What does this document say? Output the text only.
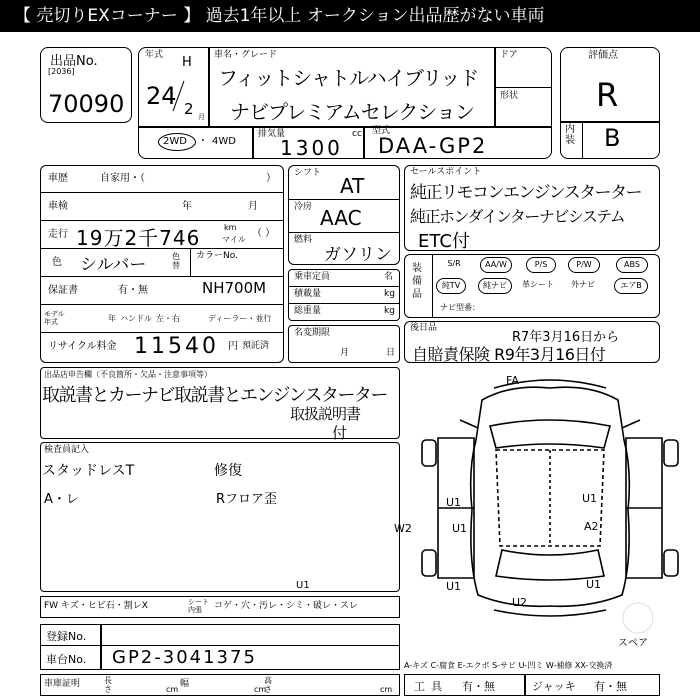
【 売切りEXコーナー 】 過去1年以上 オークション出品歴がない車両
出品No.
[2036]
70090
年式 H
24 2 月
車名・グレード
フィットシャトルハイブリッド
ナビプレミアムセレクション
ドア
形状
2WD ・ 4WD
排気量	cc
1300
型式
DAA-GP2
評価点
R
内装 B
車歴	自家用・（	）
車検	年	月
走行 19万2千746	km
マイル
（ ）
色 シルバー	色替
カラーNo.
保証書	有・無	NH700M
モデル年式	年 ハンドル 左・右	ディーラー・並行
リサイクル料金 11540 円 預託済
シフト
AT
冷房 AAC
燃料
ガソリン
乗車定員	名
積載量	kg
総重量	kg
名変期限
月	日
セールスポイント
純正リモコンエンジンスターター
純正ホンダインターナビシステム
ETC付
装備品
S/R	AA/W	P/S	P/W	ABS
純TV	純ナビ	革シート	外ナビ	エアB
ナビ型番：
後日品
R7年3月16日から
自賠責保険 R9年3月16日付
出品店申告欄（不良箇所・欠品・注意事項等）
取説書とカーナビ取説書とエンジンスターター
取扱説明書
付
検査員記入
スタッドレスT
A・レ
修復
Rフロア歪
FA
U1	U1
W2	U1	A2
U1	U1
U2
スペア
FW キズ・ヒビ石・割レX	シート内張	コゲ・穴・汚レ・シミ・破レ・スレ
U1
登録No.
車台No. GP2-3041375	A-キズ C-腐食 E-エクボ S-サビ U-凹ミ W-補修 XX-交換済
車庫証明	長さ	cm
幅
cm
高さ	cm 工具 有・無	ジャッキ 有・無
